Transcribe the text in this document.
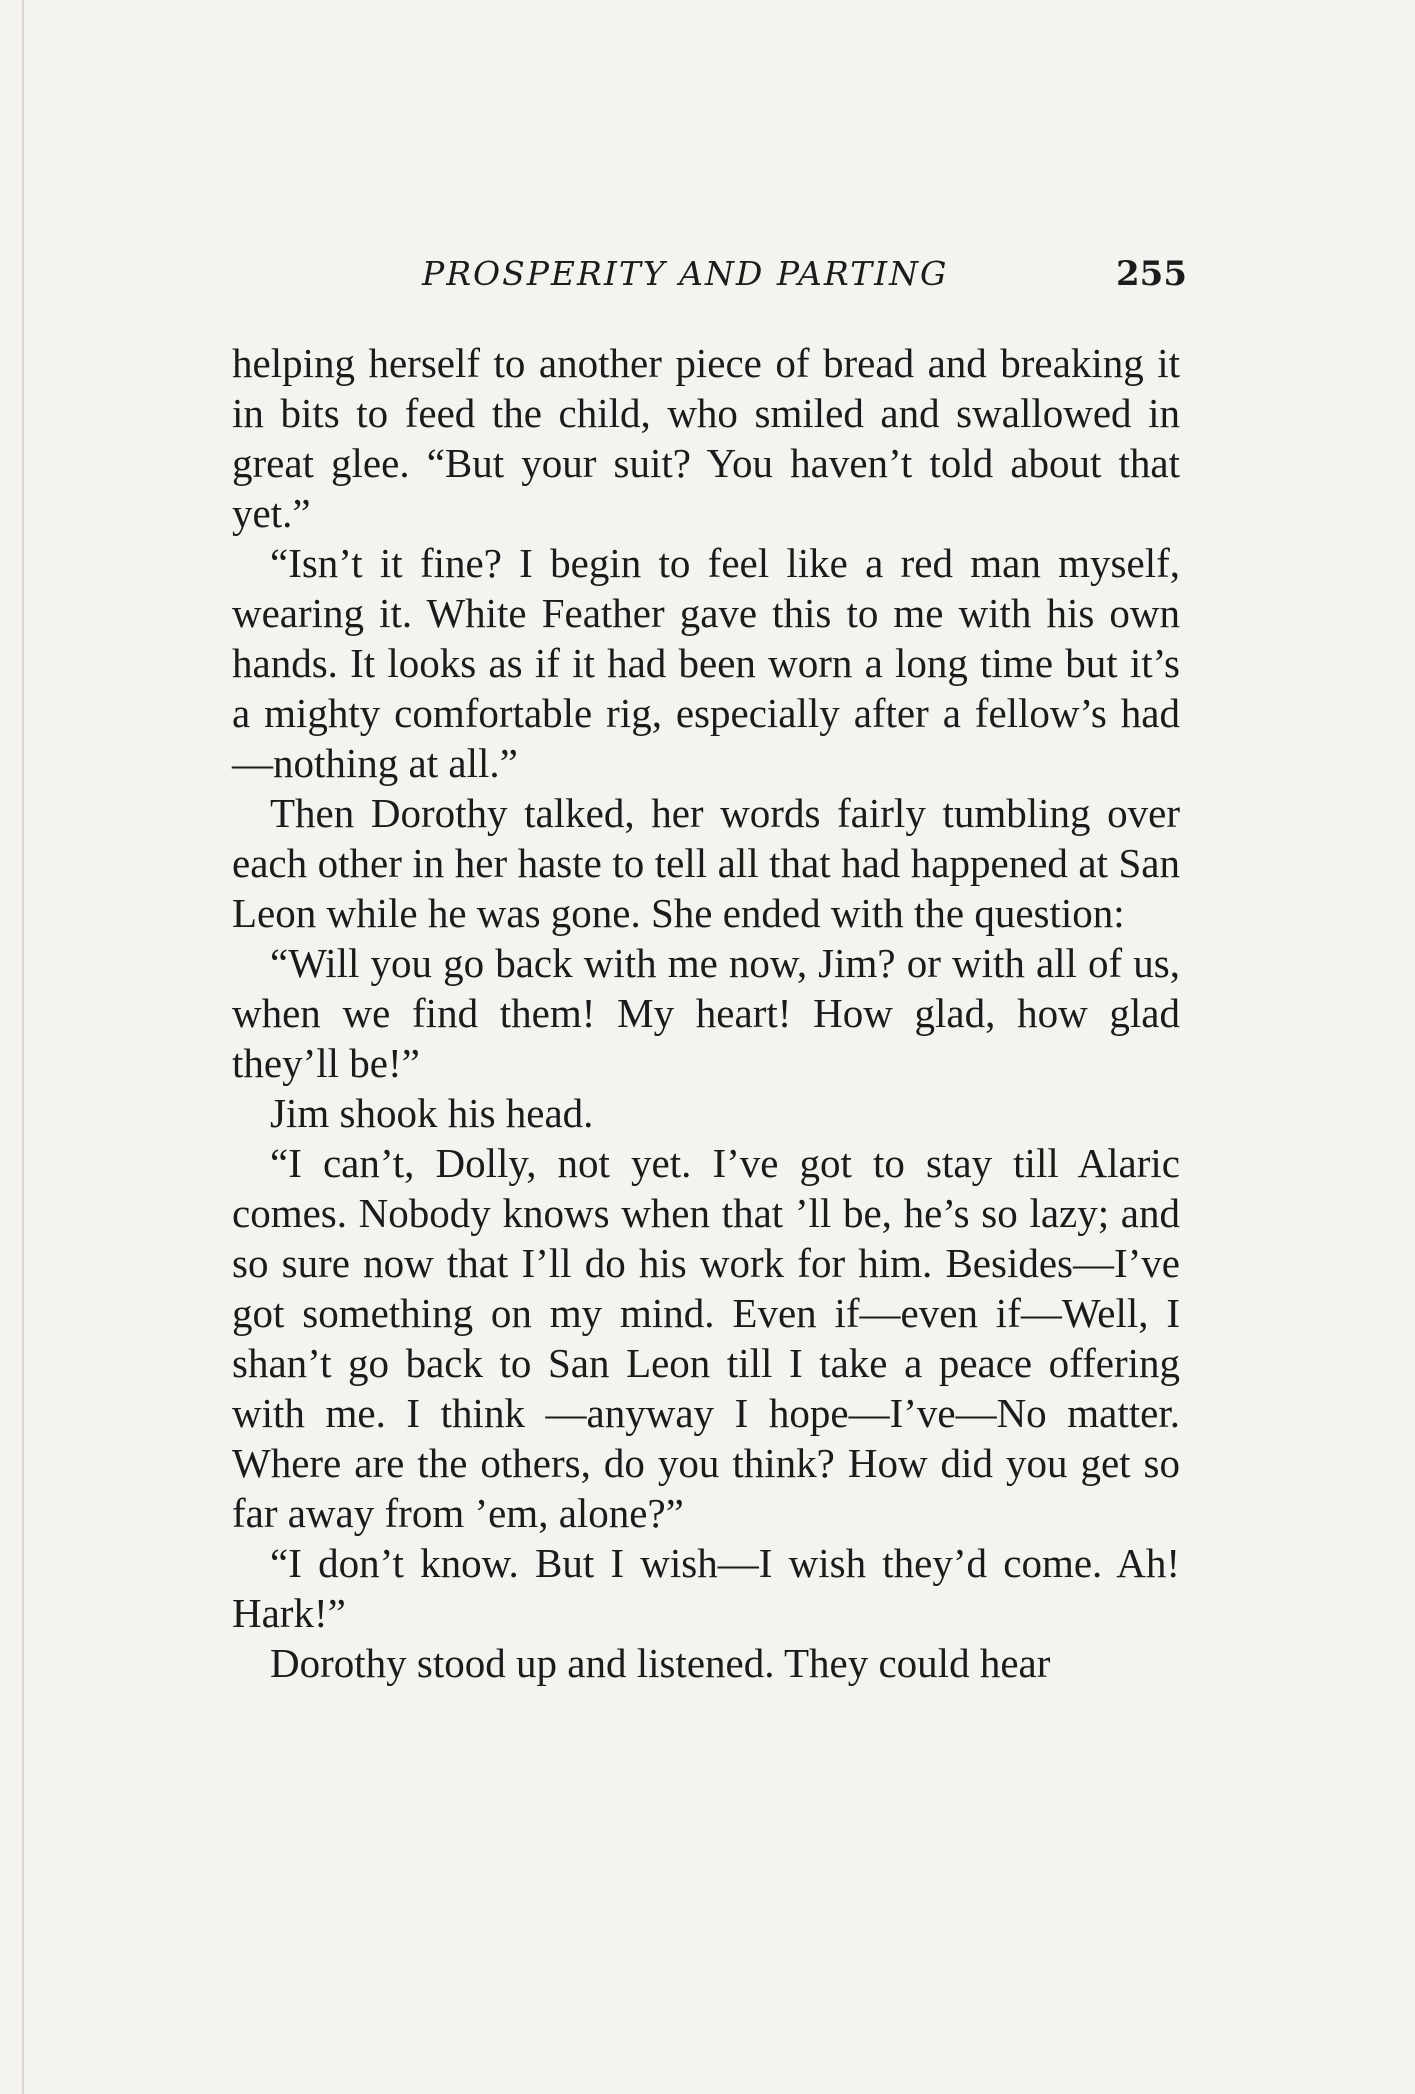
PROSPERITY AND PARTING	255

helping herself to another piece of bread and breaking it in bits to feed the child, who smiled and swallowed in great glee. “But your suit? You haven’t told about that yet.”

“Isn’t it fine? I begin to feel like a red man myself, wearing it. White Feather gave this to me with his own hands. It looks as if it had been worn a long time but it’s a mighty comfortable rig, especially after a fellow’s had—nothing at all.”

Then Dorothy talked, her words fairly tumbling over each other in her haste to tell all that had happened at San Leon while he was gone. She ended with the question:

“Will you go back with me now, Jim? or with all of us, when we find them! My heart! How glad, how glad they’ll be!”

Jim shook his head.

“I can’t, Dolly, not yet. I’ve got to stay till Alaric comes. Nobody knows when that ’ll be, he’s so lazy; and so sure now that I’ll do his work for him. Besides—I’ve got something on my mind. Even if—even if—Well, I shan’t go back to San Leon till I take a peace offering with me. I think —anyway I hope—I’ve—No matter. Where are the others, do you think? How did you get so far away from ’em, alone?”

“I don’t know. But I wish—I wish they’d come. Ah! Hark!”

Dorothy stood up and listened. They could hear
